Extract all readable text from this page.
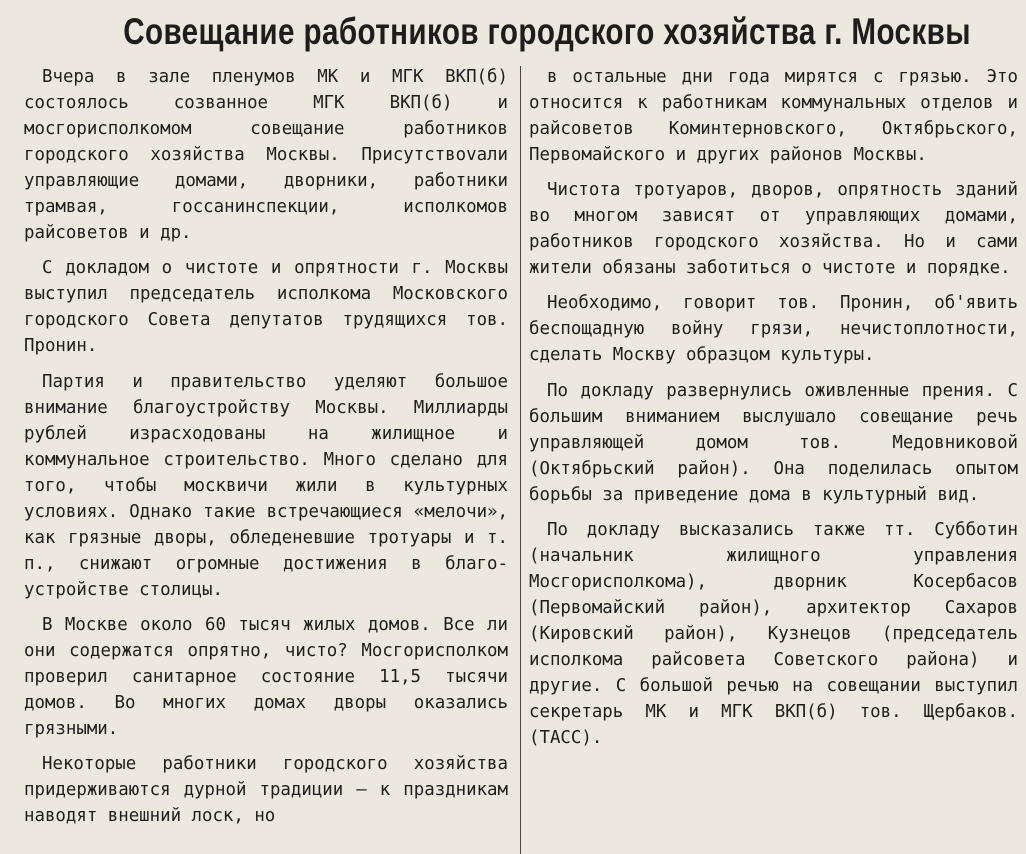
Совещание работников городского хозяйства г. Москвы

Вчера в зале пленумов МК и МГК ВКП(б) состоялось созванное МГК ВКП(б) и мосгорисполкомом совещание работников городского хозяйства Москвы. Присутствоvали управляющие домами, дворники, работники трамвая, госсанинспекции, исполкомов райсоветов и др.

С докладом о чистоте и опрятности г. Москвы выступил председатель исполкома Московского городского Совета депутатов трудящихся тов. Пронин.

Партия и правительство уделяют большое внимание благоустройству Москвы. Миллиарды рублей израсходованы на жилищное и коммунальное строительство. Много сделано для того, чтобы москвичи жили в культурных условиях. Однако такие встречающиеся «мелочи», как грязные дворы, обледеневшие тротуары и т. п., снижают огромные достижения в благоустройстве столицы.

В Москве около 60 тысяч жилых домов. Все ли они содержатся опрятно, чисто? Мосгорисполком проверил санитарное состояние 11,5 тысячи домов. Во многих домах дворы оказались грязными.

Некоторые работники городского хозяйства придерживаются дурной традиции — к праздникам наводят внешний лоск, но

в остальные дни года мирятся с грязью. Это относится к работникам коммунальных отделов и райсоветов Коминтерновского, Октябрьского, Первомайского и других районов Москвы.

Чистота тротуаров, дворов, опрятность зданий во многом зависят от управляющих домами, работников городского хозяйства. Но и сами жители обязаны заботиться о чистоте и порядке.

Необходимо, говорит тов. Пронин, об'явить беспощадную войну грязи, нечистоплотности, сделать Москву образцом культуры.

По докладу развернулись оживленные прения. С большим вниманием выслушало совещание речь управляющей домом тов. Медовниковой (Октябрьский район). Она поделилась опытом борьбы за приведение дома в культурный вид.

По докладу высказались также тт. Субботин (начальник жилищного управления Мосгорисполкома), дворник Косербасов (Первомайский район), архитектор Сахаров (Кировский район), Кузнецов (председатель исполкома райсовета Советского района) и другие. С большой речью на совещании выступил секретарь МК и МГК ВКП(б) тов. Щербаков. (ТАСС).
